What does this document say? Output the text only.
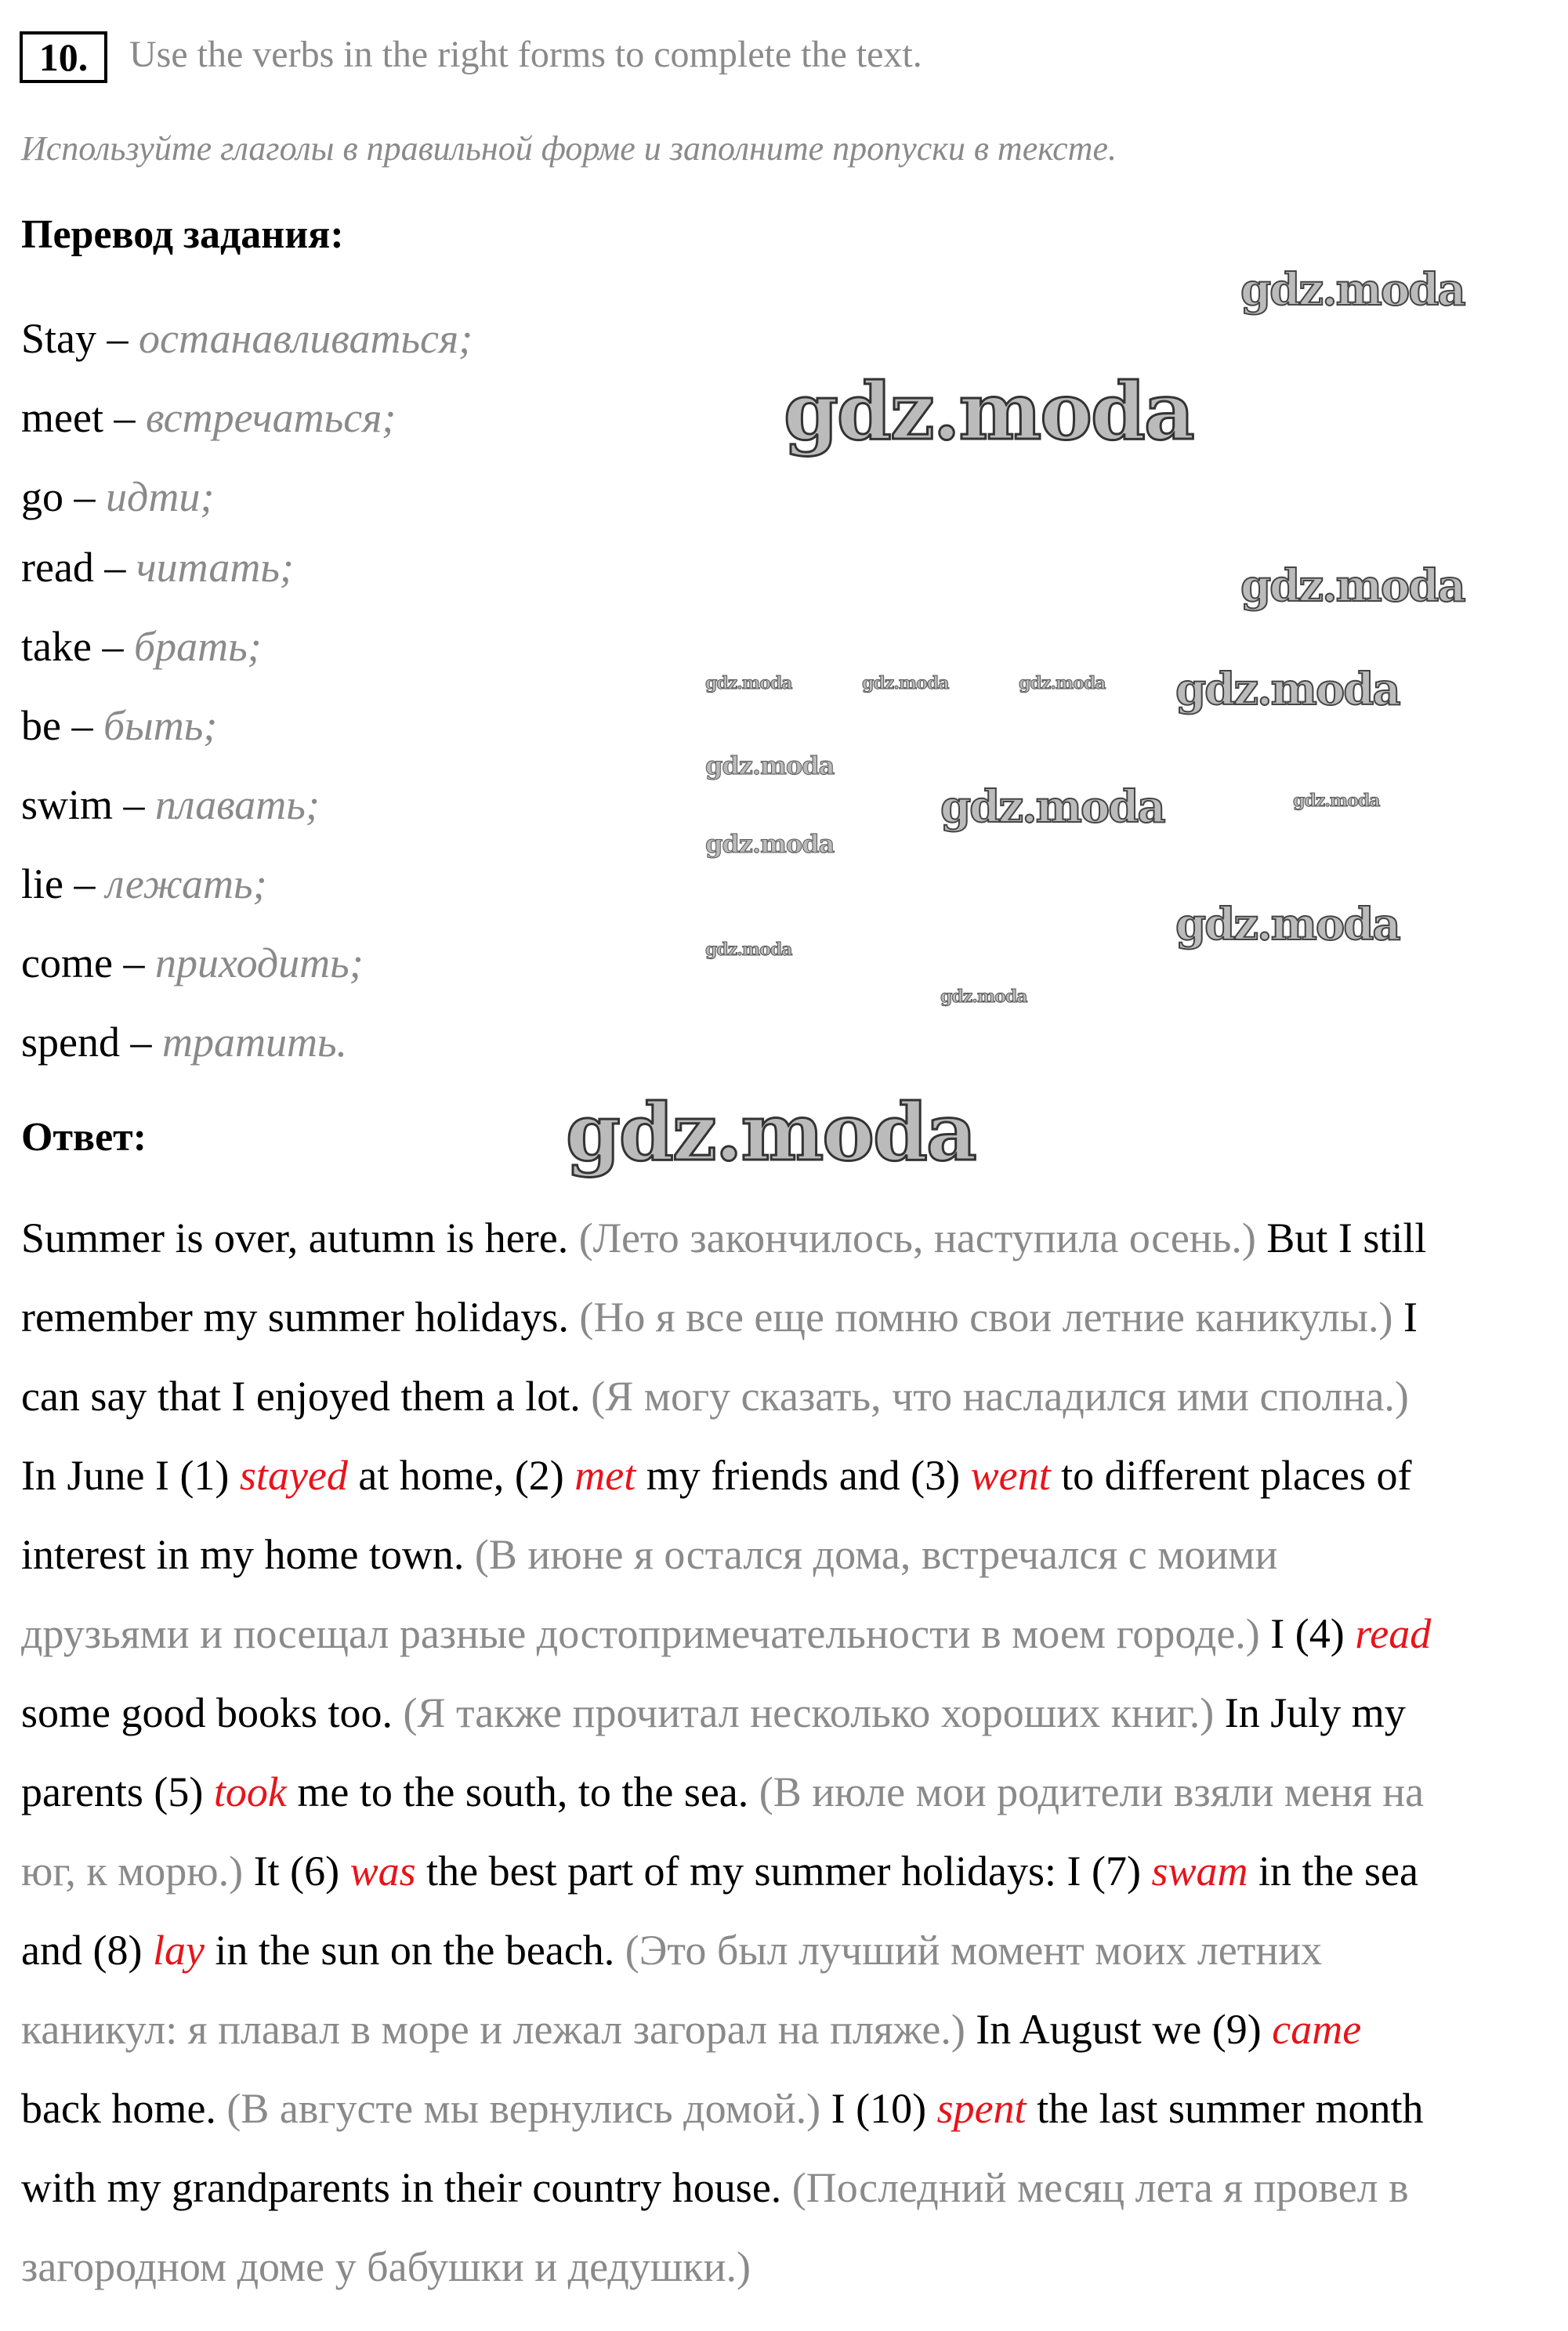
10.	Use the verbs in the right forms to complete the text.
Используйте глаголы в правильной форме и заполните пропуски в тексте.
Перевод задания:
Stay – останавливаться;
meet – встречаться;
go – идти;
read – читать;
take – брать;
be – быть;
swim – плавать;
lie – лежать;
come – приходить;
spend – тратить.
Ответ:
Summer is over, autumn is here. (Лето закончилось, наступила осень.) But I still
remember my summer holidays. (Но я все еще помню свои летние каникулы.) I
can say that I enjoyed them a lot. (Я могу сказать, что насладился ими сполна.)
In June I (1) stayed at home, (2) met my friends and (3) went to different places of
interest in my home town. (В июне я остался дома, встречался с моими
друзьями и посещал разные достопримечательности в моем городе.) I (4) read
some good books too. (Я также прочитал несколько хороших книг.) In July my
parents (5) took me to the south, to the sea. (В июле мои родители взяли меня на
юг, к морю.) It (6) was the best part of my summer holidays: I (7) swam in the sea
and (8) lay in the sun on the beach. (Это был лучший момент моих летних
каникул: я плавал в море и лежал загорал на пляже.) In August we (9) came
back home. (В августе мы вернулись домой.) I (10) spent the last summer month
with my grandparents in their country house. (Последний месяц лета я провел в
загородном доме у бабушки и дедушки.)
gdz.moda
gdz.moda
gdz.moda
gdz.moda
gdz.moda	gdz.moda	gdz.moda gdz.moda
gdz.moda
gdz.moda
gdz.moda	gdz.moda
gdz.moda
gdz.moda
gdz.moda
